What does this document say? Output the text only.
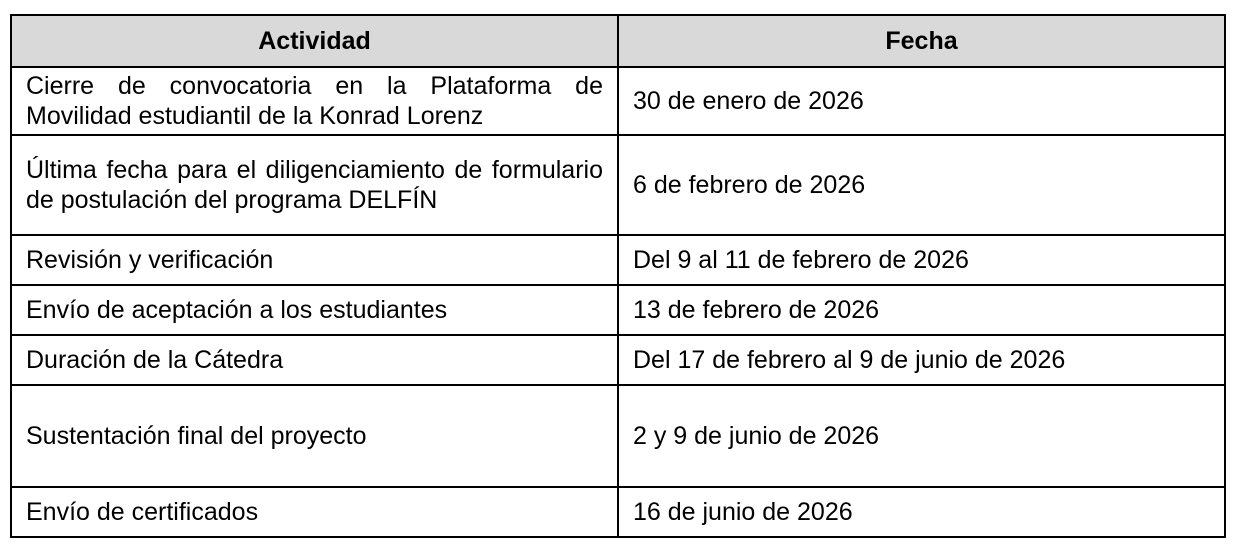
Actividad	Fecha
Cierre de convocatoria en la Plataforma de Movilidad estudiantil de la Konrad Lorenz	30 de enero de 2026
Última fecha para el diligenciamiento de formulario de postulación del programa DELFÍN	6 de febrero de 2026
Revisión y verificación	Del 9 al 11 de febrero de 2026
Envío de aceptación a los estudiantes	13 de febrero de 2026
Duración de la Cátedra	Del 17 de febrero al 9 de junio de 2026
Sustentación final del proyecto	2 y 9 de junio de 2026
Envío de certificados	16 de junio de 2026
